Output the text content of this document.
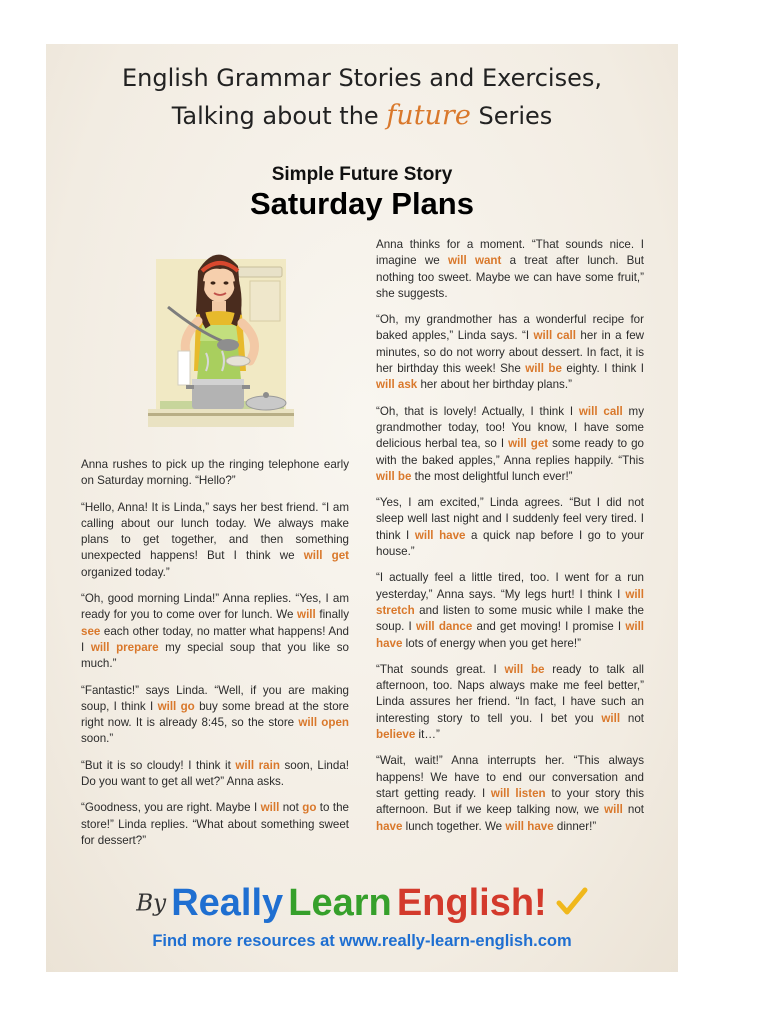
English Grammar Stories and Exercises,
Talking about the future Series
Simple Future Story
Saturday Plans

Anna rushes to pick up the ringing telephone early on Saturday morning. “Hello?”

“Hello, Anna! It is Linda,” says her best friend. “I am calling about our lunch today. We always make plans to get together, and then something unexpected happens! But I think we will get organized today.”

“Oh, good morning Linda!” Anna replies. “Yes, I am ready for you to come over for lunch. We will finally see each other today, no matter what happens! And I will prepare my special soup that you like so much.”

“Fantastic!” says Linda. “Well, if you are making soup, I think I will go buy some bread at the store right now. It is already 8:45, so the store will open soon.”

“But it is so cloudy! I think it will rain soon, Linda! Do you want to get all wet?” Anna asks.

“Goodness, you are right. Maybe I will not go to the store!” Linda replies. “What about something sweet for dessert?”

Anna thinks for a moment. “That sounds nice. I imagine we will want a treat after lunch. But nothing too sweet. Maybe we can have some fruit,” she suggests.

“Oh, my grandmother has a wonderful recipe for baked apples,” Linda says. “I will call her in a few minutes, so do not worry about dessert. In fact, it is her birthday this week! She will be eighty. I think I will ask her about her birthday plans.”

“Oh, that is lovely! Actually, I think I will call my grandmother today, too! You know, I have some delicious herbal tea, so I will get some ready to go with the baked apples,” Anna replies happily. “This will be the most delightful lunch ever!”

“Yes, I am excited,” Linda agrees. “But I did not sleep well last night and I suddenly feel very tired. I think I will have a quick nap before I go to your house.”

“I actually feel a little tired, too. I went for a run yesterday,” Anna says. “My legs hurt! I think I will stretch and listen to some music while I make the soup. I will dance and get moving! I promise I will have lots of energy when you get here!”

“That sounds great. I will be ready to talk all afternoon, too. Naps always make me feel better,” Linda assures her friend. “In fact, I have such an interesting story to tell you. I bet you will not believe it…”

“Wait, wait!” Anna interrupts her. “This always happens! We have to end our conversation and start getting ready. I will listen to your story this afternoon. But if we keep talking now, we will not have lunch together. We will have dinner!”

By Really Learn English!
Find more resources at www.really-learn-english.com
